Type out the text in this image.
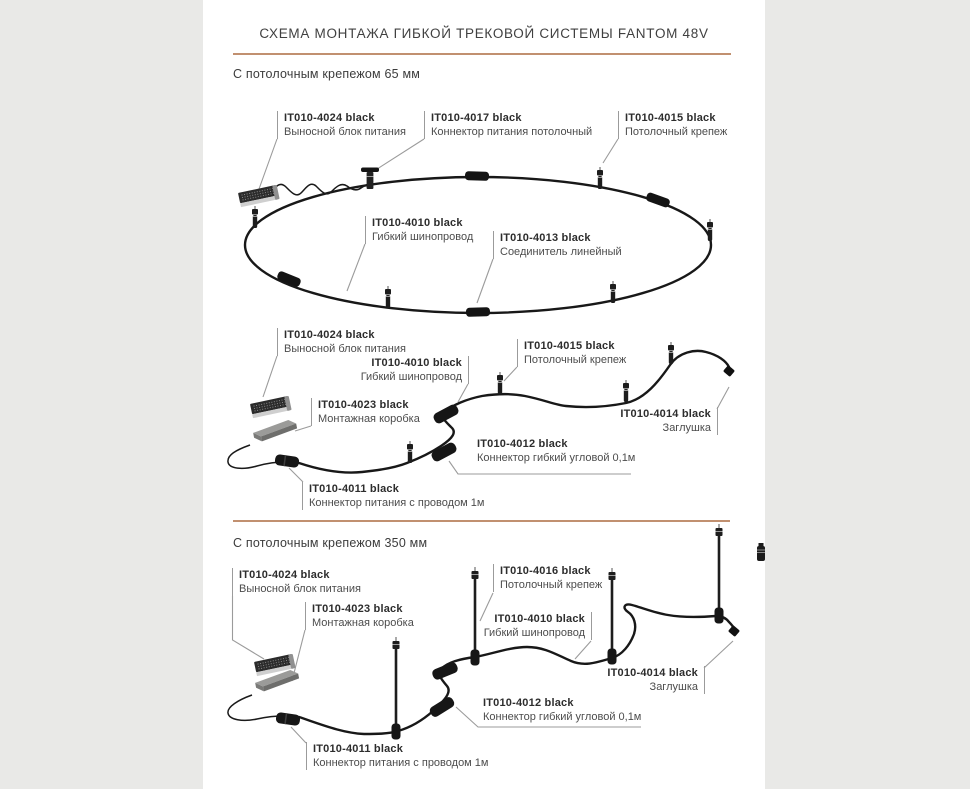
СХЕМА МОНТАЖА ГИБКОЙ ТРЕКОВОЙ СИСТЕМЫ FANTOM 48V
С потолочным крепежом 65 мм
С потолочным крепежом 350 мм
IT010-4024 black
Выносной блок питания
IT010-4017 black
Коннектор питания потолочный
IT010-4015 black
Потолочный крепеж
IT010-4010 black
Гибкий шинопровод IT010-4013 black
Соединитель линейный
IT010-4024 black
Выносной блок питания
IT010-4010 black
Гибкий шинопровод
IT010-4015 black
Потолочный крепеж
IT010-4023 black
Монтажная коробка	IT010-4014 black
Заглушка
IT010-4012 black
Коннектор гибкий угловой 0,1м
IT010-4011 black
Коннектор питания с проводом 1м
IT010-4024 black
Выносной блок питания
IT010-4023 black
Монтажная коробка
IT010-4016 black
Потолочный крепеж
IT010-4010 black
Гибкий шинопровод
IT010-4014 black
Заглушка
IT010-4012 black
Коннектор гибкий угловой 0,1м
IT010-4011 black
Коннектор питания с проводом 1м
